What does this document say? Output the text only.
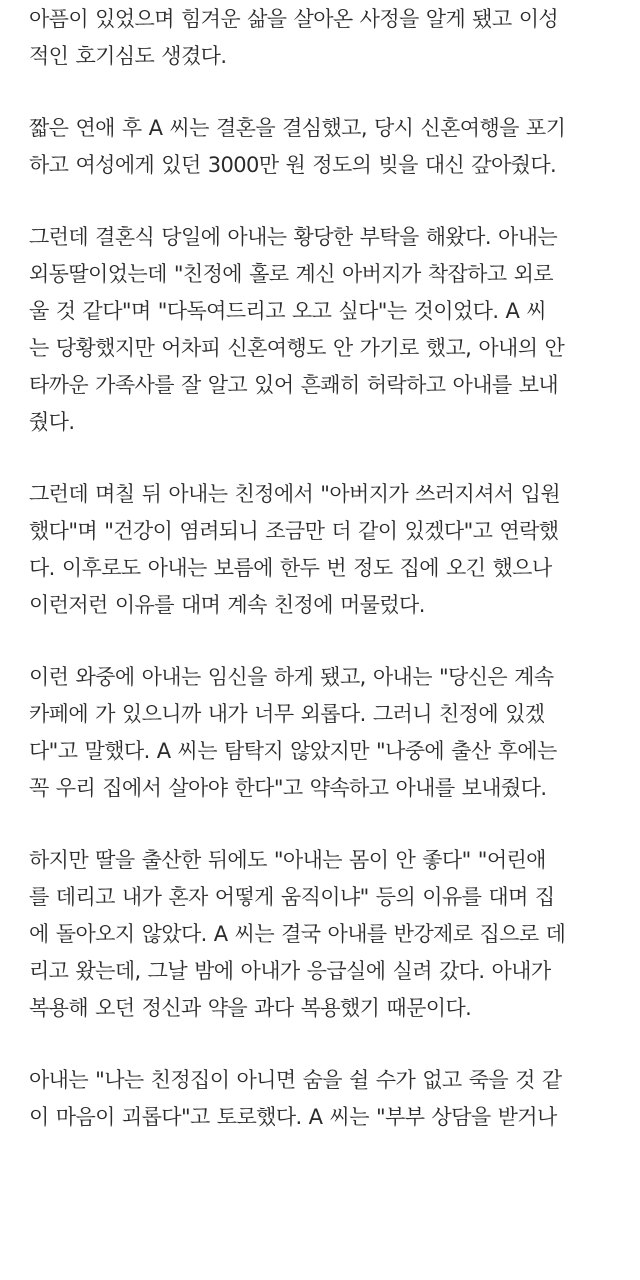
아픔이 있었으며 힘겨운 삶을 살아온 사정을 알게 됐고 이성
적인 호기심도 생겼다.
짧은 연애 후 A 씨는 결혼을 결심했고, 당시 신혼여행을 포기
하고 여성에게 있던 3000만 원 정도의 빚을 대신 갚아줬다.
그런데 결혼식 당일에 아내는 황당한 부탁을 해왔다. 아내는
외동딸이었는데 "친정에 홀로 계신 아버지가 착잡하고 외로
울 것 같다"며 "다독여드리고 오고 싶다"는 것이었다. A 씨
는 당황했지만 어차피 신혼여행도 안 가기로 했고, 아내의 안
타까운 가족사를 잘 알고 있어 흔쾌히 허락하고 아내를 보내
줬다.
그런데 며칠 뒤 아내는 친정에서 "아버지가 쓰러지셔서 입원
했다"며 "건강이 염려되니 조금만 더 같이 있겠다"고 연락했
다. 이후로도 아내는 보름에 한두 번 정도 집에 오긴 했으나
이런저런 이유를 대며 계속 친정에 머물렀다.
이런 와중에 아내는 임신을 하게 됐고, 아내는 "당신은 계속
카페에 가 있으니까 내가 너무 외롭다. 그러니 친정에 있겠
다"고 말했다. A 씨는 탐탁지 않았지만 "나중에 출산 후에는
꼭 우리 집에서 살아야 한다"고 약속하고 아내를 보내줬다.
하지만 딸을 출산한 뒤에도 "아내는 몸이 안 좋다" "어린애
를 데리고 내가 혼자 어떻게 움직이냐" 등의 이유를 대며 집
에 돌아오지 않았다. A 씨는 결국 아내를 반강제로 집으로 데
리고 왔는데, 그날 밤에 아내가 응급실에 실려 갔다. 아내가
복용해 오던 정신과 약을 과다 복용했기 때문이다.
아내는 "나는 친정집이 아니면 숨을 쉴 수가 없고 죽을 것 같
이 마음이 괴롭다"고 토로했다. A 씨는 "부부 상담을 받거나
